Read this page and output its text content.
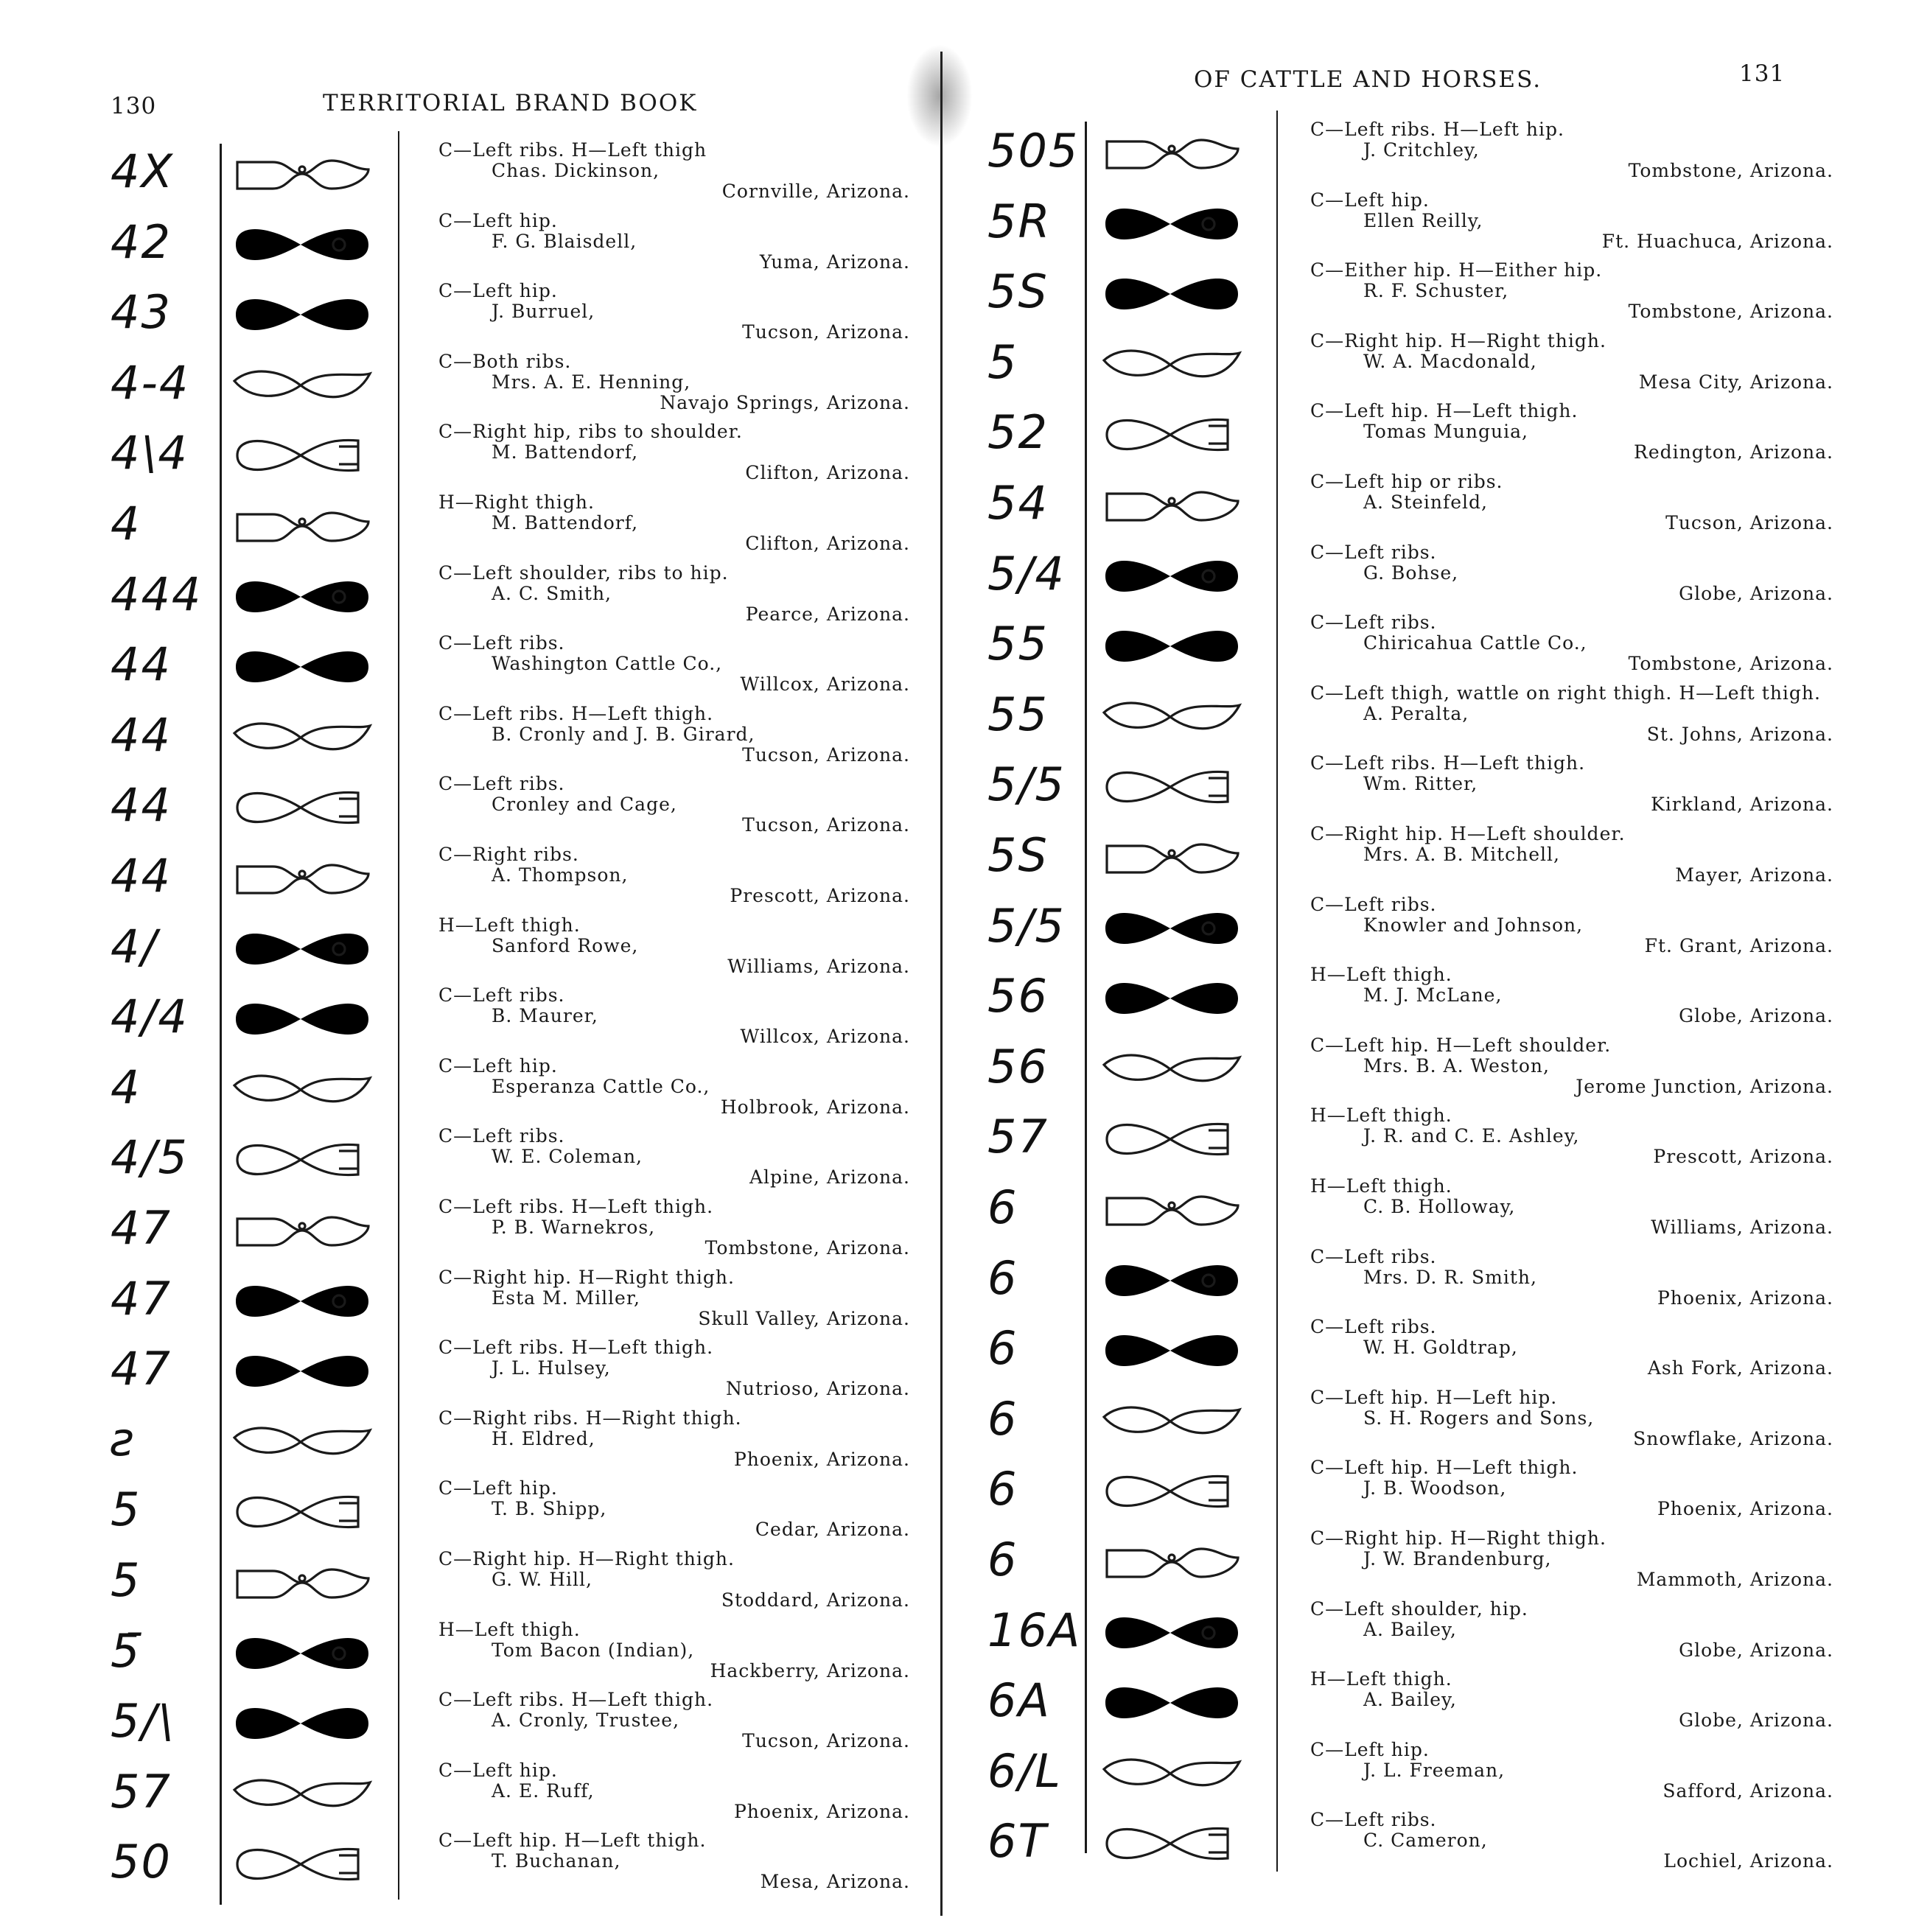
130	TERRITORIAL BRAND BOOK
4X	C—Left ribs. H—Left thigh
Chas. Dickinson,
Cornville, Arizona.
42	C—Left hip.
F. G. Blaisdell,
Yuma, Arizona.
43	C—Left hip.
J. Burruel,
Tucson, Arizona.
4-4	C—Both ribs.
Mrs. A. E. Henning,
Navajo Springs, Arizona.
4\4	C—Right hip, ribs to shoulder.
M. Battendorf,
Clifton, Arizona.
4	H—Right thigh.
M. Battendorf,
Clifton, Arizona.
444	C—Left shoulder, ribs to hip.
A. C. Smith,
Pearce, Arizona.
44	C—Left ribs.
Washington Cattle Co.,
Willcox, Arizona.
44	C—Left ribs. H—Left thigh.
B. Cronly and J. B. Girard,
Tucson, Arizona.
44	C—Left ribs.
Cronley and Cage,
Tucson, Arizona.
44	C—Right ribs.
A. Thompson,
Prescott, Arizona.
4/	H—Left thigh.
Sanford Rowe,
Williams, Arizona.
4/4	C—Left ribs.
B. Maurer,
Willcox, Arizona.
4	C—Left hip.
Esperanza Cattle Co.,
Holbrook, Arizona.
4/5	C—Left ribs.
W. E. Coleman,
Alpine, Arizona.
47	C—Left ribs. H—Left thigh.
P. B. Warnekros,
Tombstone, Arizona.
47	C—Right hip. H—Right thigh.
Esta M. Miller,
Skull Valley, Arizona.
47	C—Left ribs. H—Left thigh.
J. L. Hulsey,
Nutrioso, Arizona.
ꙅ	C—Right ribs. H—Right thigh.
H. Eldred,
Phoenix, Arizona.
5	C—Left hip.
T. B. Shipp,
Cedar, Arizona.
5	C—Right hip. H—Right thigh.
G. W. Hill,
Stoddard, Arizona.
5̄	H—Left thigh.
Tom Bacon (Indian),
Hackberry, Arizona.
5/\	C—Left ribs. H—Left thigh.
A. Cronly, Trustee,
Tucson, Arizona.
57	C—Left hip.
A. E. Ruff,
Phoenix, Arizona.
50	C—Left hip. H—Left thigh.
T. Buchanan,
Mesa, Arizona.
131
OF CATTLE AND HORSES.
505	C—Left ribs. H—Left hip.
J. Critchley,
Tombstone, Arizona.
5R	C—Left hip.
Ellen Reilly,
Ft. Huachuca, Arizona.
5S	C—Either hip. H—Either hip.
R. F. Schuster,
Tombstone, Arizona.
5	C—Right hip. H—Right thigh.
W. A. Macdonald,
Mesa City, Arizona.
52	C—Left hip. H—Left thigh.
Tomas Munguia,
Redington, Arizona.
54	C—Left hip or ribs.
A. Steinfeld,
Tucson, Arizona.
5/4	C—Left ribs.
G. Bohse,
Globe, Arizona.
55	C—Left ribs.
Chiricahua Cattle Co.,
Tombstone, Arizona.
55	C—Left thigh, wattle on right thigh. H—Left thigh.
A. Peralta,
St. Johns, Arizona.
5/5	C—Left ribs. H—Left thigh.
Wm. Ritter,
Kirkland, Arizona.
5S	C—Right hip. H—Left shoulder.
Mrs. A. B. Mitchell,
Mayer, Arizona.
5/5	C—Left ribs.
Knowler and Johnson,
Ft. Grant, Arizona.
56	H—Left thigh.
M. J. McLane,
Globe, Arizona.
56	C—Left hip. H—Left shoulder.
Mrs. B. A. Weston,
Jerome Junction, Arizona.
57	H—Left thigh.
J. R. and C. E. Ashley,
Prescott, Arizona.
6	H—Left thigh.
C. B. Holloway,
Williams, Arizona.
6	C—Left ribs.
Mrs. D. R. Smith,
Phoenix, Arizona.
6	C—Left ribs.
W. H. Goldtrap,
Ash Fork, Arizona.
6	C—Left hip. H—Left hip.
S. H. Rogers and Sons,
Snowflake, Arizona.
6	C—Left hip. H—Left thigh.
J. B. Woodson,
Phoenix, Arizona.
6	C—Right hip. H—Right thigh.
J. W. Brandenburg,
Mammoth, Arizona.
16A	C—Left shoulder, hip.
A. Bailey,
Globe, Arizona.
6A	H—Left thigh.
A. Bailey,
Globe, Arizona.
6/L	C—Left hip.
J. L. Freeman,
Safford, Arizona.
6T	C—Left ribs.
C. Cameron,
Lochiel, Arizona.
